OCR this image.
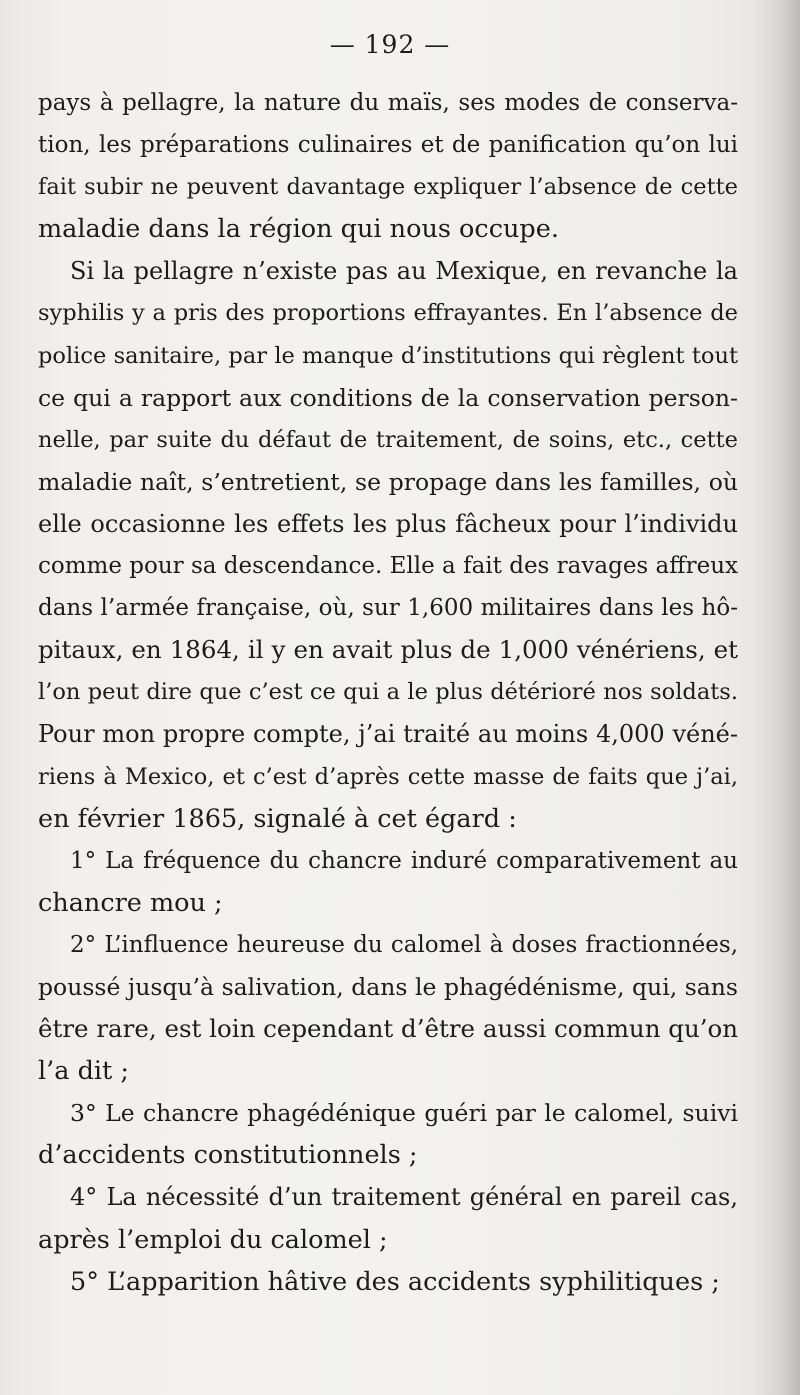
— 192 —
pays à pellagre, la nature du maïs, ses modes de conserva-
tion, les préparations culinaires et de panification qu’on lui
fait subir ne peuvent davantage expliquer l’absence de cette
maladie dans la région qui nous occupe.
Si la pellagre n’existe pas au Mexique, en revanche la
syphilis y a pris des proportions effrayantes. En l’absence de
police sanitaire, par le manque d’institutions qui règlent tout
ce qui a rapport aux conditions de la conservation person-
nelle, par suite du défaut de traitement, de soins, etc., cette
maladie naît, s’entretient, se propage dans les familles, où
elle occasionne les effets les plus fâcheux pour l’individu
comme pour sa descendance. Elle a fait des ravages affreux
dans l’armée française, où, sur 1,600 militaires dans les hô-
pitaux, en 1864, il y en avait plus de 1,000 vénériens, et
l’on peut dire que c’est ce qui a le plus détérioré nos soldats.
Pour mon propre compte, j’ai traité au moins 4,000 véné-
riens à Mexico, et c’est d’après cette masse de faits que j’ai,
en février 1865, signalé à cet égard :
1° La fréquence du chancre induré comparativement au
chancre mou ;
2° L’influence heureuse du calomel à doses fractionnées,
poussé jusqu’à salivation, dans le phagédénisme, qui, sans
être rare, est loin cependant d’être aussi commun qu’on
l’a dit ;
3° Le chancre phagédénique guéri par le calomel, suivi
d’accidents constitutionnels ;
4° La nécessité d’un traitement général en pareil cas,
après l’emploi du calomel ;
5° L’apparition hâtive des accidents syphilitiques ;
